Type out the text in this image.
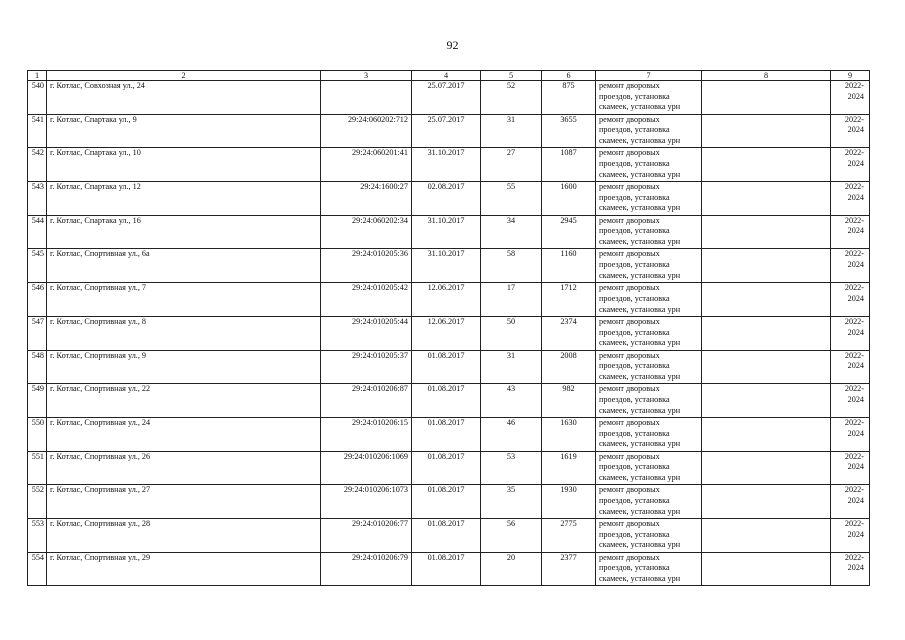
92
1	2	3	4	5	6	7	8	9
540	г. Котлас, Совхозная ул., 24		25.07.2017	52	875	ремонт дворовых
проездов, установка
скамеек, установка урн		2022-
2024

541	г. Котлас, Спартака ул., 9	29:24:060202:712	25.07.2017	31	3655	ремонт дворовых
проездов, установка
скамеек, установка урн		2022-
2024

542	г. Котлас, Спартака ул., 10	29:24:060201:41	31.10.2017	27	1087	ремонт дворовых
проездов, установка
скамеек, установка урн		2022-
2024

543	г. Котлас, Спартака ул., 12	29:24:1600:27	02.08.2017	55	1600	ремонт дворовых
проездов, установка
скамеек, установка урн		2022-
2024

544	г. Котлас, Спартака ул., 16	29:24:060202:34	31.10.2017	34	2945	ремонт дворовых
проездов, установка
скамеек, установка урн		2022-
2024

545	г. Котлас, Спортивная ул., 6а	29:24:010205:36	31.10.2017	58	1160	ремонт дворовых
проездов, установка
скамеек, установка урн		2022-
2024

546	г. Котлас, Спортивная ул., 7	29:24:010205:42	12.06.2017	17	1712	ремонт дворовых
проездов, установка
скамеек, установка урн		2022-
2024

547	г. Котлас, Спортивная ул., 8	29:24:010205:44	12.06.2017	50	2374	ремонт дворовых
проездов, установка
скамеек, установка урн		2022-
2024

548	г. Котлас, Спортивная ул., 9	29:24:010205:37	01.08.2017	31	2008	ремонт дворовых
проездов, установка
скамеек, установка урн		2022-
2024

549	г. Котлас, Спортивная ул., 22	29:24:010206:87	01.08.2017	43	982	ремонт дворовых
проездов, установка
скамеек, установка урн		2022-
2024

550	г. Котлас, Спортивная ул., 24	29:24:010206:15	01.08.2017	46	1630	ремонт дворовых
проездов, установка
скамеек, установка урн		2022-
2024

551	г. Котлас, Спортивная ул., 26	29:24:010206:1069	01.08.2017	53	1619	ремонт дворовых
проездов, установка
скамеек, установка урн		2022-
2024

552	г. Котлас, Спортивная ул., 27	29:24:010206:1073	01.08.2017	35	1930	ремонт дворовых
проездов, установка
скамеек, установка урн		2022-
2024

553	г. Котлас, Спортивная ул., 28	29:24:010206:77	01.08.2017	56	2775	ремонт дворовых
проездов, установка
скамеек, установка урн		2022-
2024

554	г. Котлас, Спортивная ул., 29	29:24:010206:79	01.08.2017	20	2377	ремонт дворовых
проездов, установка
скамеек, установка урн		2022-
2024
